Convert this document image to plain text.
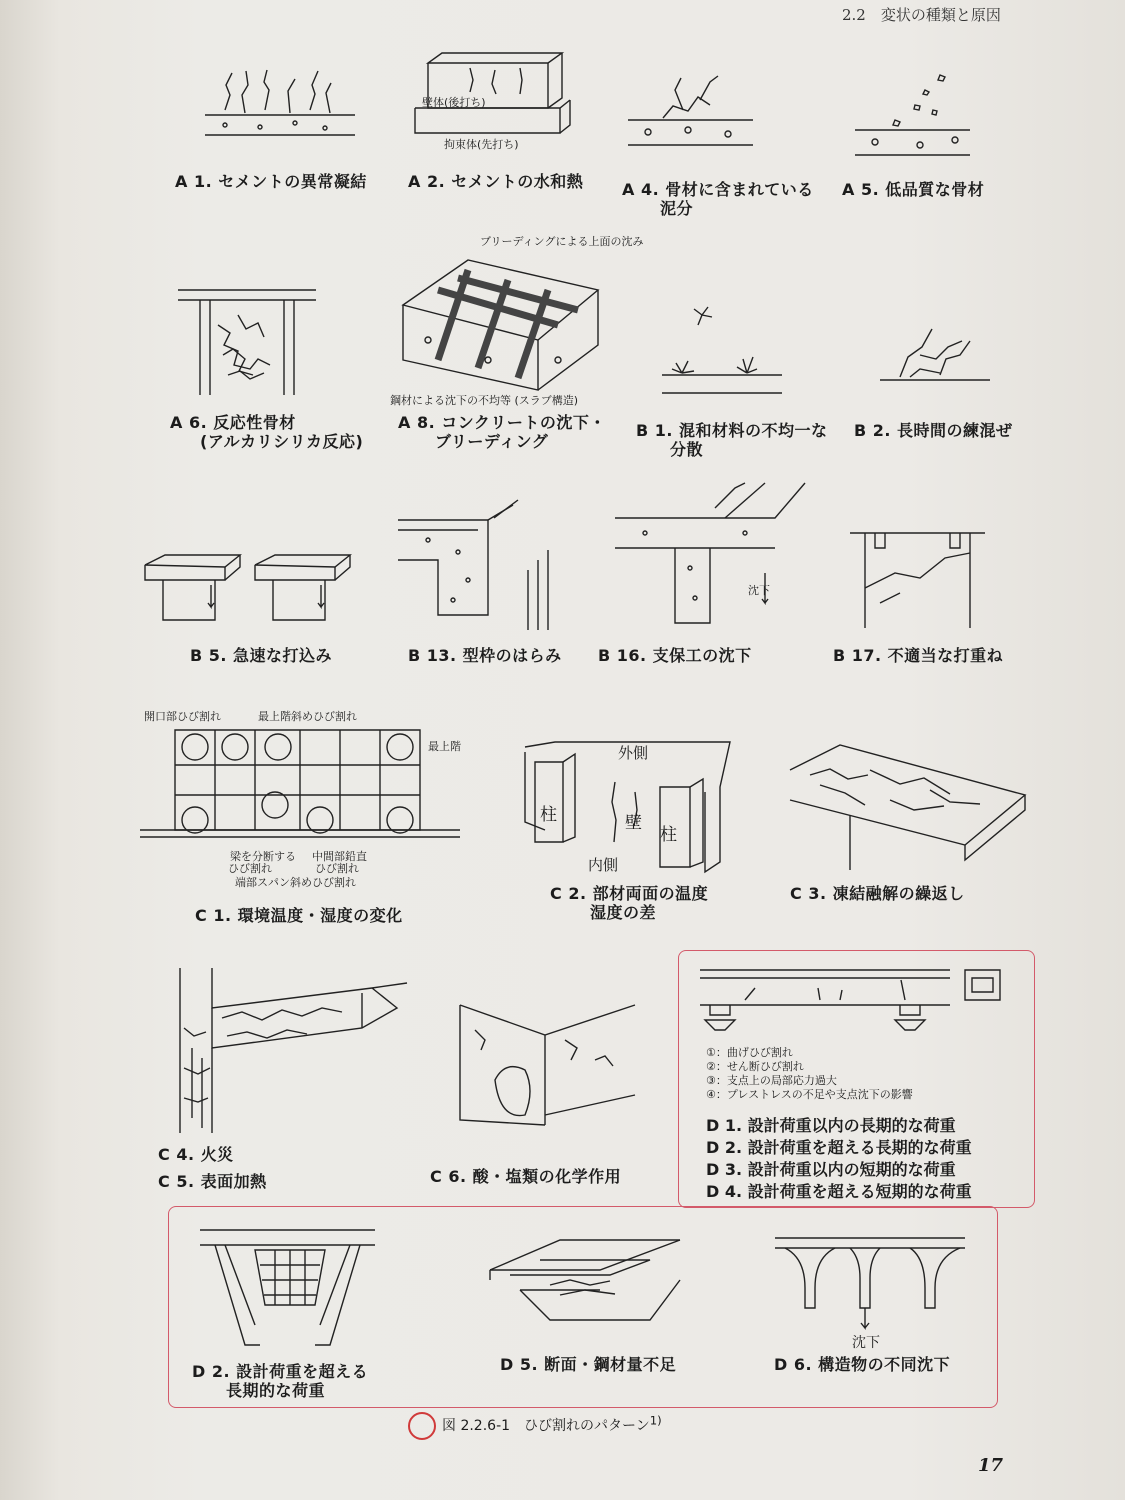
2.2　変状の種類と原因
A 1. セメントの異常凝結
壁体(後打ち)
拘束体(先打ち)
A 2. セメントの水和熱 A 4. 骨材に含まれている
泥分
A 5. 低品質な骨材
A 6. 反応性骨材
(アルカリシリカ反応)
ブリーディングによる上面の沈み
鋼材による沈下の不均等 (スラブ構造)
A 8. コンクリートの沈下・
ブリーディング
B 1. 混和材料の不均一な
分散
B 2. 長時間の練混ぜ
B 5. 急速な打込み	B 13. 型枠のはらみ
沈下
B 16. 支保工の沈下	B 17. 不適当な打重ね
開口部ひび割れ	最上階斜めひび割れ
最上階
梁を分断する
ひび割れ
中間部鉛直
ひび割れ
端部スパン斜めひび割れ
C 1. 環境温度・湿度の変化
外側
柱	壁
柱
内側
C 2. 部材両面の温度
湿度の差
C 3. 凍結融解の繰返し
C 4. 火災
C 5. 表面加熱	C 6. 酸・塩類の化学作用
①：曲げひび割れ
②：せん断ひび割れ
③：支点上の局部応力過大
④：プレストレスの不足や支点沈下の影響
D 1. 設計荷重以内の長期的な荷重
D 2. 設計荷重を超える長期的な荷重
D 3. 設計荷重以内の短期的な荷重
D 4. 設計荷重を超える短期的な荷重
D 2. 設計荷重を超える
長期的な荷重
D 5. 断面・鋼材量不足
沈下
D 6. 構造物の不同沈下
図 2.2.6-1　ひび割れのパターン$^{1)}$
17
